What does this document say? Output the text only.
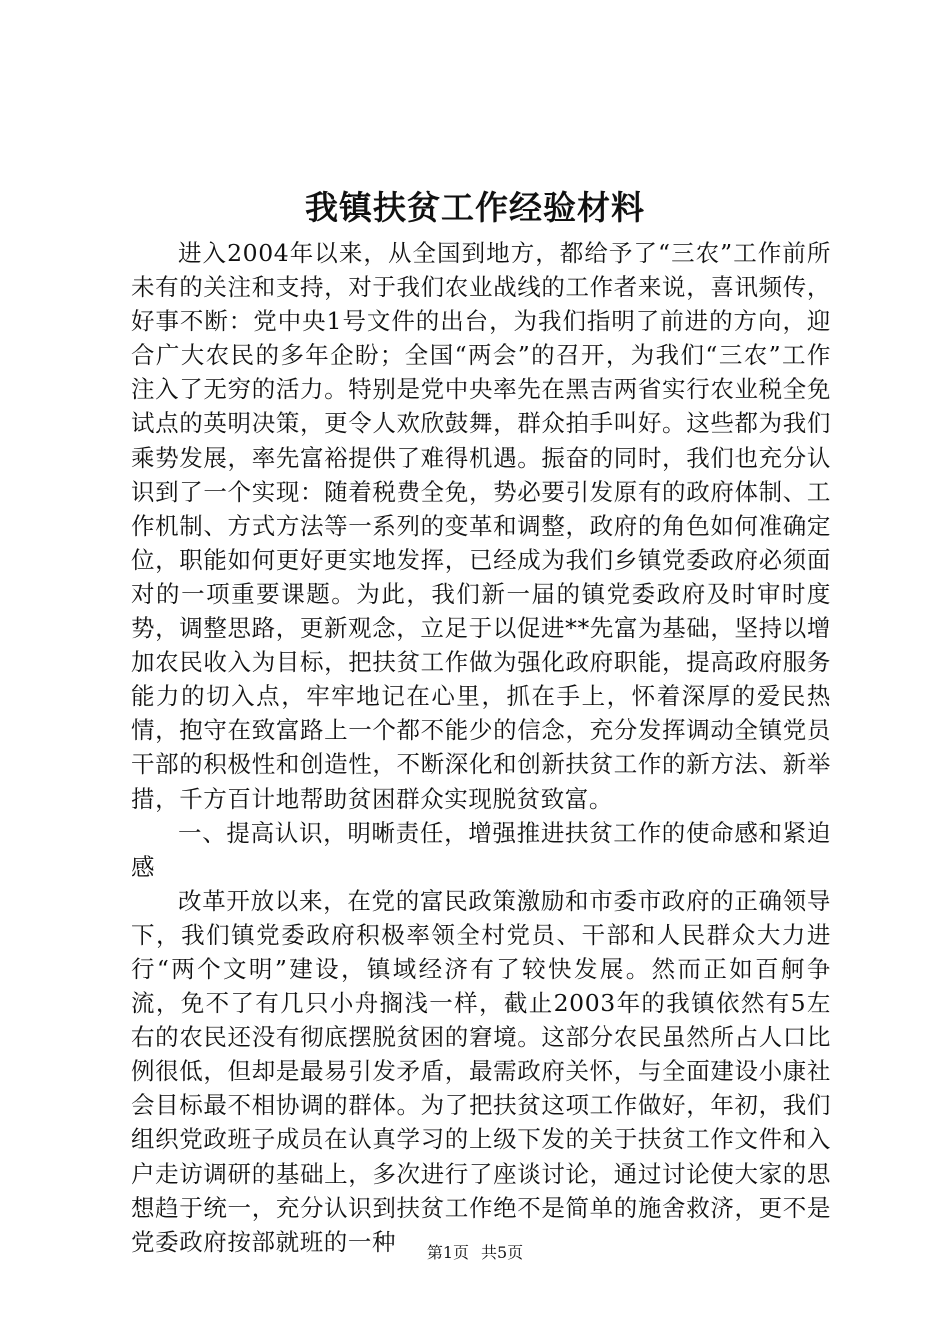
我镇扶贫工作经验材料

进入2004年以来，从全国到地方，都给予了“三农”工作前所未有的关注和支持，对于我们农业战线的工作者来说，喜讯频传，好事不断：党中央1号文件的出台，为我们指明了前进的方向，迎合广大农民的多年企盼；全国“两会”的召开，为我们“三农”工作注入了无穷的活力。特别是党中央率先在黑吉两省实行农业税全免试点的英明决策，更令人欢欣鼓舞，群众拍手叫好。这些都为我们乘势发展，率先富裕提供了难得机遇。振奋的同时，我们也充分认识到了一个实现：随着税费全免，势必要引发原有的政府体制、工作机制、方式方法等一系列的变革和调整，政府的角色如何准确定位，职能如何更好更实地发挥，已经成为我们乡镇党委政府必须面对的一项重要课题。为此，我们新一届的镇党委政府及时审时度势，调整思路，更新观念，立足于以促进**先富为基础，坚持以增加农民收入为目标，把扶贫工作做为强化政府职能，提高政府服务能力的切入点，牢牢地记在心里，抓在手上，怀着深厚的爱民热情，抱守在致富路上一个都不能少的信念，充分发挥调动全镇党员干部的积极性和创造性，不断深化和创新扶贫工作的新方法、新举措，千方百计地帮助贫困群众实现脱贫致富。

一、提高认识，明晰责任，增强推进扶贫工作的使命感和紧迫感

改革开放以来，在党的富民政策激励和市委市政府的正确领导下，我们镇党委政府积极率领全村党员、干部和人民群众大力进行“两个文明”建设，镇域经济有了较快发展。然而正如百舸争流，免不了有几只小舟搁浅一样，截止2003年的我镇依然有5左右的农民还没有彻底摆脱贫困的窘境。这部分农民虽然所占人口比例很低，但却是最易引发矛盾，最需政府关怀，与全面建设小康社会目标最不相协调的群体。为了把扶贫这项工作做好，年初，我们组织党政班子成员在认真学习的上级下发的关于扶贫工作文件和入户走访调研的基础上，多次进行了座谈讨论，通过讨论使大家的思想趋于统一，充分认识到扶贫工作绝不是简单的施舍救济，更不是党委政府按部就班的一种	第1页 共5页
